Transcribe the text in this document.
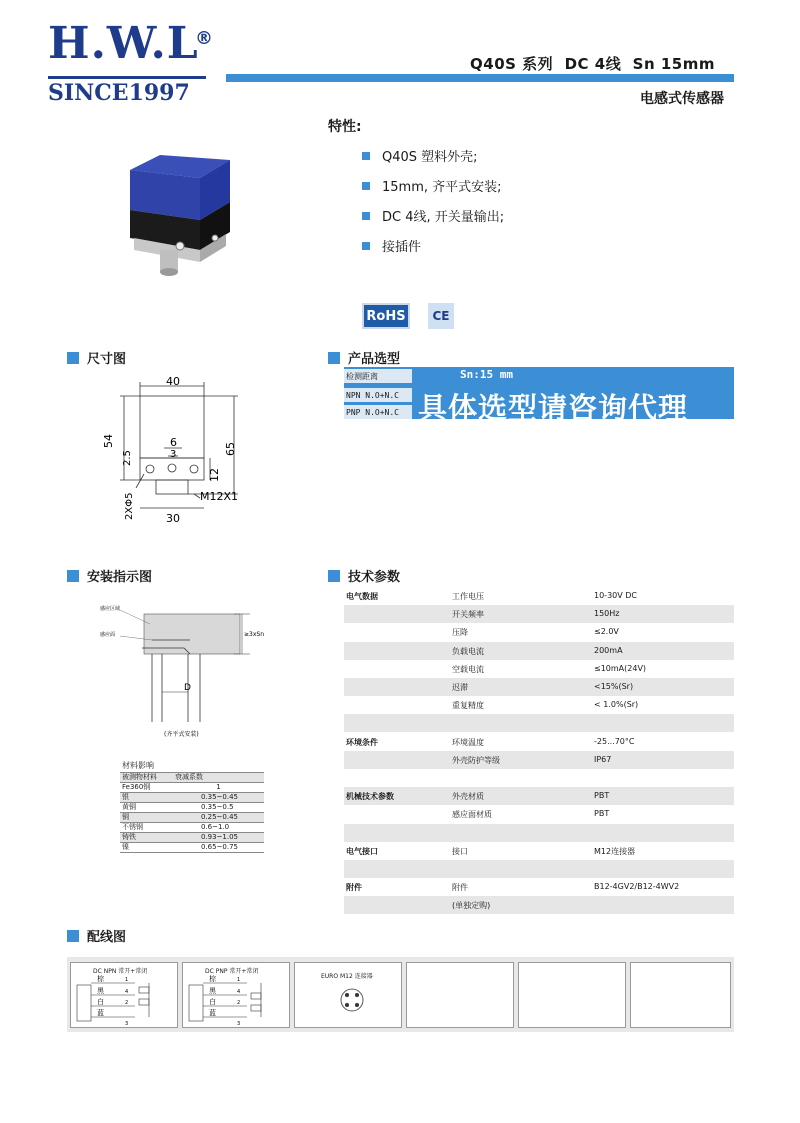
H.W.L
®
SINCE1997
Q40S 系列  DC 4线  Sn 15mm
电感式传感器
特性:
Q40S 塑料外壳;
15mm, 齐平式安装;
DC 4线, 开关量输出;
接插件
RoHS	CE
尺寸图	产品选型
安装指示图	技术参数
配线图
40
54
65
6
3
2.5
12
2XΦ5	M12X1
30
检测距离
NPN N.O+N.C
PNP N.O+N.C
Sn:15 mm
具体选型请咨询代理
感应区域
感应面	≥3xSn
D
(齐平式安装)
材料影响	
被测物材料	衰减系数
Fe360钢	1
银	0.35~0.45
黄铜	0.35~0.5
铜	0.25~0.45
不锈钢	0.6~1.0
铸铁	0.93~1.05
镍	0.65~0.75
电气数据	工作电压	10-30V DC
开关频率	150Hz
压降	≤2.0V
负载电流	200mA
空载电流	≤10mA(24V)
迟滞	<15%(Sr)
重复精度	< 1.0%(Sr)
环境条件	环境温度	-25...70°C
外壳防护等级	IP67
机械技术参数	外壳材质	PBT
感应面材质	PBT
电气接口	接口	M12连接器
附件	附件	B12-4GV2/B12-4WV2
(单独定购)
DC NPN 常开+常闭
棕
黑
白
蓝
1
4
2
3
DC PNP 常开+常闭
棕
黑
白
蓝
1
4
2
3
EURO M12 连接器
